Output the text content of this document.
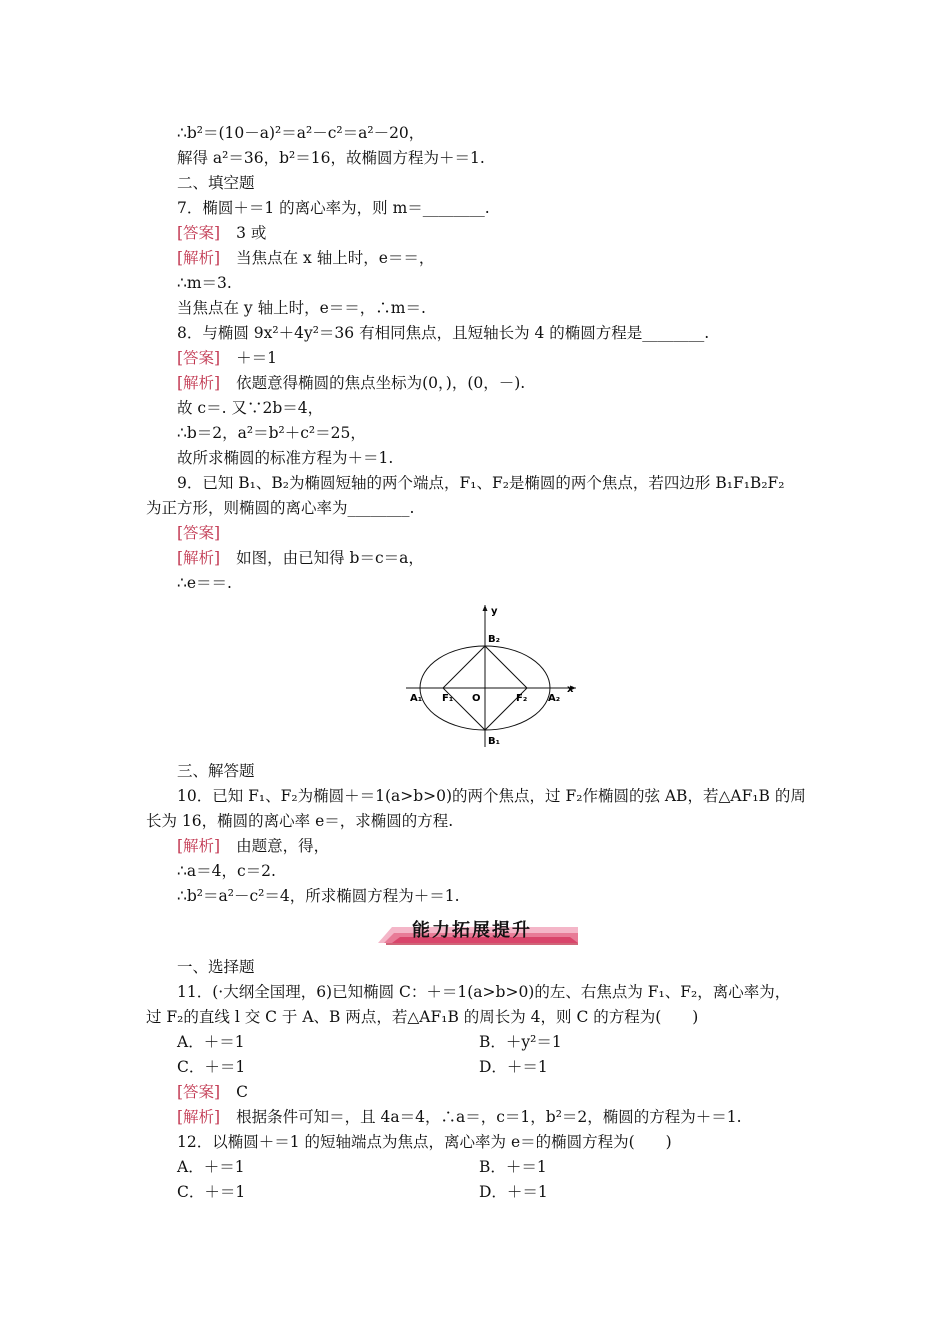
∴b²＝(10－a)²＝a²－c²＝a²－20，
解得 a²＝36，b²＝16，故椭圆方程为＋＝1.
二、填空题
7．椭圆＋＝1 的离心率为，则 m＝________.
[答案] 3 或
[解析] 当焦点在 x 轴上时，e＝＝，
∴m＝3.
当焦点在 y 轴上时，e＝＝，∴m＝.
8．与椭圆 9x²＋4y²＝36 有相同焦点，且短轴长为 4 的椭圆方程是________.
[答案] ＋＝1
[解析] 依题意得椭圆的焦点坐标为(0，)，(0，－).
故 c＝. 又∵2b＝4，
∴b＝2，a²＝b²＋c²＝25，
故所求椭圆的标准方程为＋＝1.
9．已知 B₁、B₂为椭圆短轴的两个端点，F₁、F₂是椭圆的两个焦点，若四边形 B₁F₁B₂F₂
为正方形，则椭圆的离心率为________.
[答案]
[解析] 如图，由已知得 b＝c＝a，
∴e＝＝.
y
x
B₂
B₁
A₁	A₂
F₁	F₂
O
三、解答题
10．已知 F₁、F₂为椭圆＋＝1(a>b>0)的两个焦点，过 F₂作椭圆的弦 AB，若△AF₁B 的周
长为 16，椭圆的离心率 e＝，求椭圆的方程.
[解析] 由题意，得，
∴a＝4，c＝2.
∴b²＝a²－c²＝4，所求椭圆方程为＋＝1.
能力拓展提升
一、选择题
11．(·大纲全国理，6)已知椭圆 C：＋＝1(a>b>0)的左、右焦点为 F₁、F₂，离心率为，
过 F₂的直线 l 交 C 于 A、B 两点，若△AF₁B 的周长为 4，则 C 的方程为(　　)
A．＋＝1	B．＋y²＝1
C．＋＝1	D．＋＝1
[答案] C
[解析] 根据条件可知＝，且 4a＝4，∴a＝，c＝1，b²＝2，椭圆的方程为＋＝1.
12．以椭圆＋＝1 的短轴端点为焦点，离心率为 e＝的椭圆方程为(　　)
A．＋＝1	B．＋＝1
C．＋＝1	D．＋＝1
